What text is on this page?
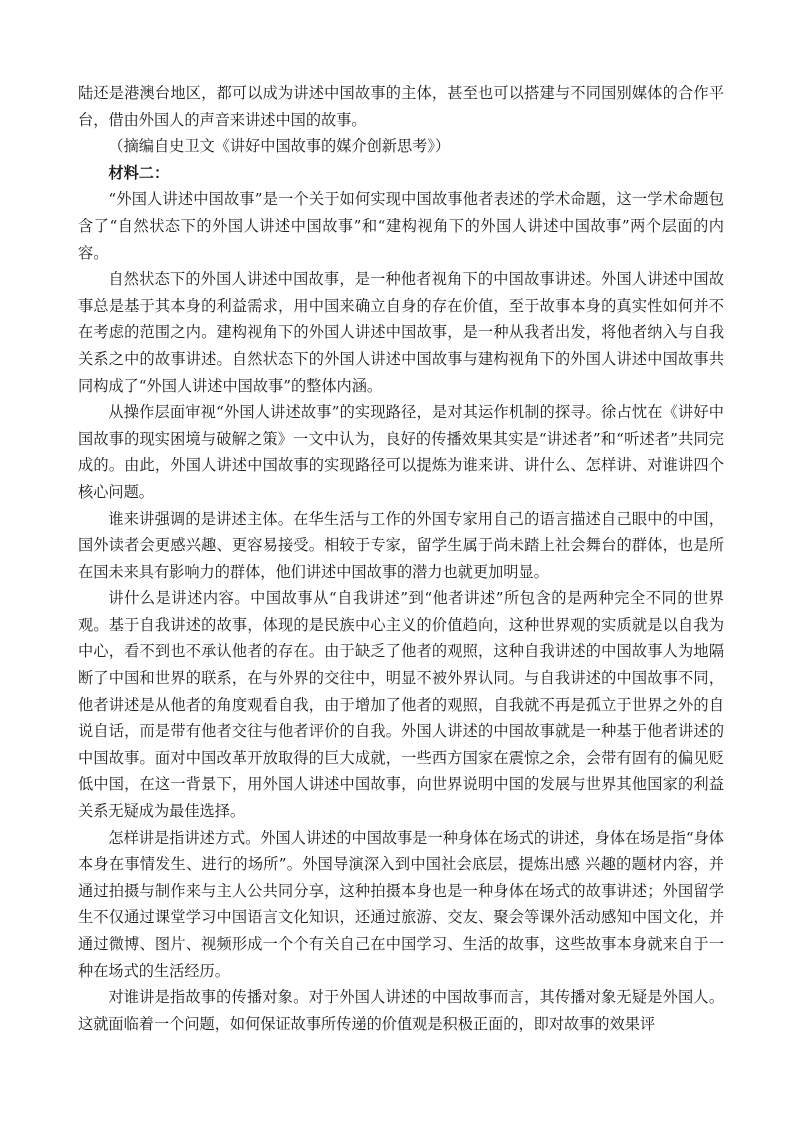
陆还是港澳台地区，都可以成为讲述中国故事的主体，甚至也可以搭建与不同国别媒体的合作平台，借由外国人的声音来讲述中国的故事。

（摘编自史卫文《讲好中国故事的媒介创新思考》）

材料二：

“外国人讲述中国故事”是一个关于如何实现中国故事他者表述的学术命题，这一学术命题包含了“自然状态下的外国人讲述中国故事”和“建构视角下的外国人讲述中国故事”两个层面的内容。

自然状态下的外国人讲述中国故事，是一种他者视角下的中国故事讲述。外国人讲述中国故事总是基于其本身的利益需求，用中国来确立自身的存在价值，至于故事本身的真实性如何并不在考虑的范围之内。建构视角下的外国人讲述中国故事，是一种从我者出发，将他者纳入与自我关系之中的故事讲述。自然状态下的外国人讲述中国故事与建构视角下的外国人讲述中国故事共同构成了“外国人讲述中国故事”的整体内涵。

从操作层面审视“外国人讲述故事”的实现路径，是对其运作机制的探寻。徐占忱在《讲好中国故事的现实困境与破解之策》一文中认为，良好的传播效果其实是“讲述者”和“听述者”共同完成的。由此，外国人讲述中国故事的实现路径可以提炼为谁来讲、讲什么、怎样讲、对谁讲四个核心问题。

谁来讲强调的是讲述主体。在华生活与工作的外国专家用自己的语言描述自己眼中的中国，国外读者会更感兴趣、更容易接受。相较于专家，留学生属于尚未踏上社会舞台的群体，也是所在国未来具有影响力的群体，他们讲述中国故事的潜力也就更加明显。

讲什么是讲述内容。中国故事从“自我讲述”到“他者讲述”所包含的是两种完全不同的世界观。基于自我讲述的故事，体现的是民族中心主义的价值趋向，这种世界观的实质就是以自我为中心，看不到也不承认他者的存在。由于缺乏了他者的观照，这种自我讲述的中国故事人为地隔断了中国和世界的联系，在与外界的交往中，明显不被外界认同。与自我讲述的中国故事不同，他者讲述是从他者的角度观看自我，由于增加了他者的观照，自我就不再是孤立于世界之外的自说自话，而是带有他者交往与他者评价的自我。外国人讲述的中国故事就是一种基于他者讲述的中国故事。面对中国改革开放取得的巨大成就，一些西方国家在震惊之余，会带有固有的偏见贬低中国，在这一背景下，用外国人讲述中国故事，向世界说明中国的发展与世界其他国家的利益关系无疑成为最佳选择。

怎样讲是指讲述方式。外国人讲述的中国故事是一种身体在场式的讲述，身体在场是指“身体本身在事情发生、进行的场所”。外国导演深入到中国社会底层，提炼出感 兴趣的题材内容，并通过拍摄与制作来与主人公共同分享，这种拍摄本身也是一种身体在场式的故事讲述；外国留学生不仅通过课堂学习中国语言文化知识，还通过旅游、交友、聚会等课外活动感知中国文化，并通过微博、图片、视频形成一个个有关自己在中国学习、生活的故事，这些故事本身就来自于一种在场式的生活经历。

对谁讲是指故事的传播对象。对于外国人讲述的中国故事而言，其传播对象无疑是外国人。这就面临着一个问题，如何保证故事所传递的价值观是积极正面的，即对故事的效果评
